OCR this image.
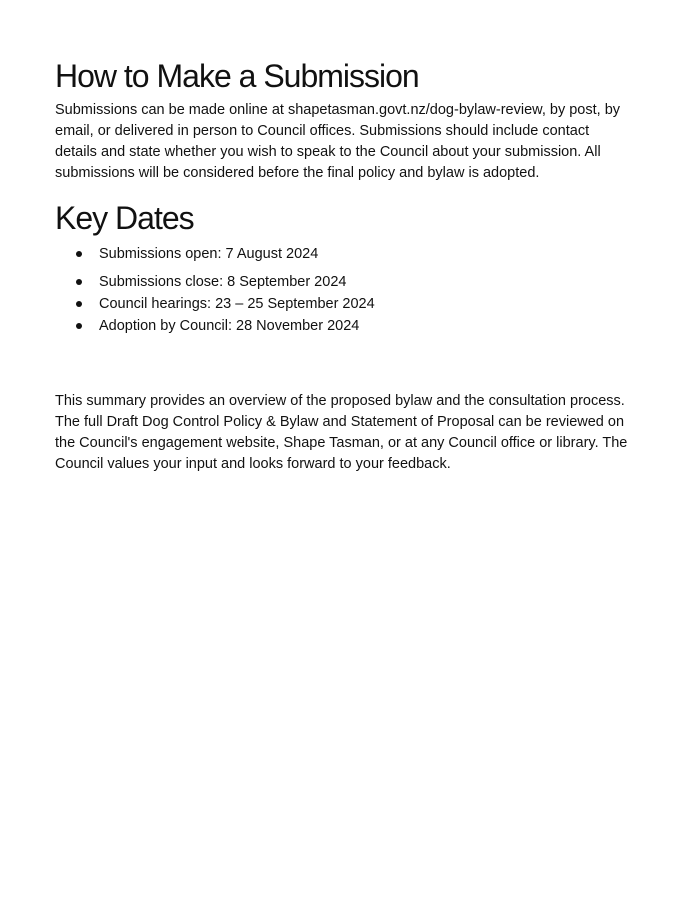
How to Make a Submission

Submissions can be made online at shapetasman.govt.nz/dog-bylaw-review, by post, by email, or delivered in person to Council offices. Submissions should include contact details and state whether you wish to speak to the Council about your submission. All submissions will be considered before the final policy and bylaw is adopted.

Key Dates
Submissions open: 7 August 2024
Submissions close: 8 September 2024
Council hearings: 23 – 25 September 2024
Adoption by Council: 28 November 2024

This summary provides an overview of the proposed bylaw and the consultation process. The full Draft Dog Control Policy & Bylaw and Statement of Proposal can be reviewed on the Council's engagement website, Shape Tasman, or at any Council office or library. The Council values your input and looks forward to your feedback.
